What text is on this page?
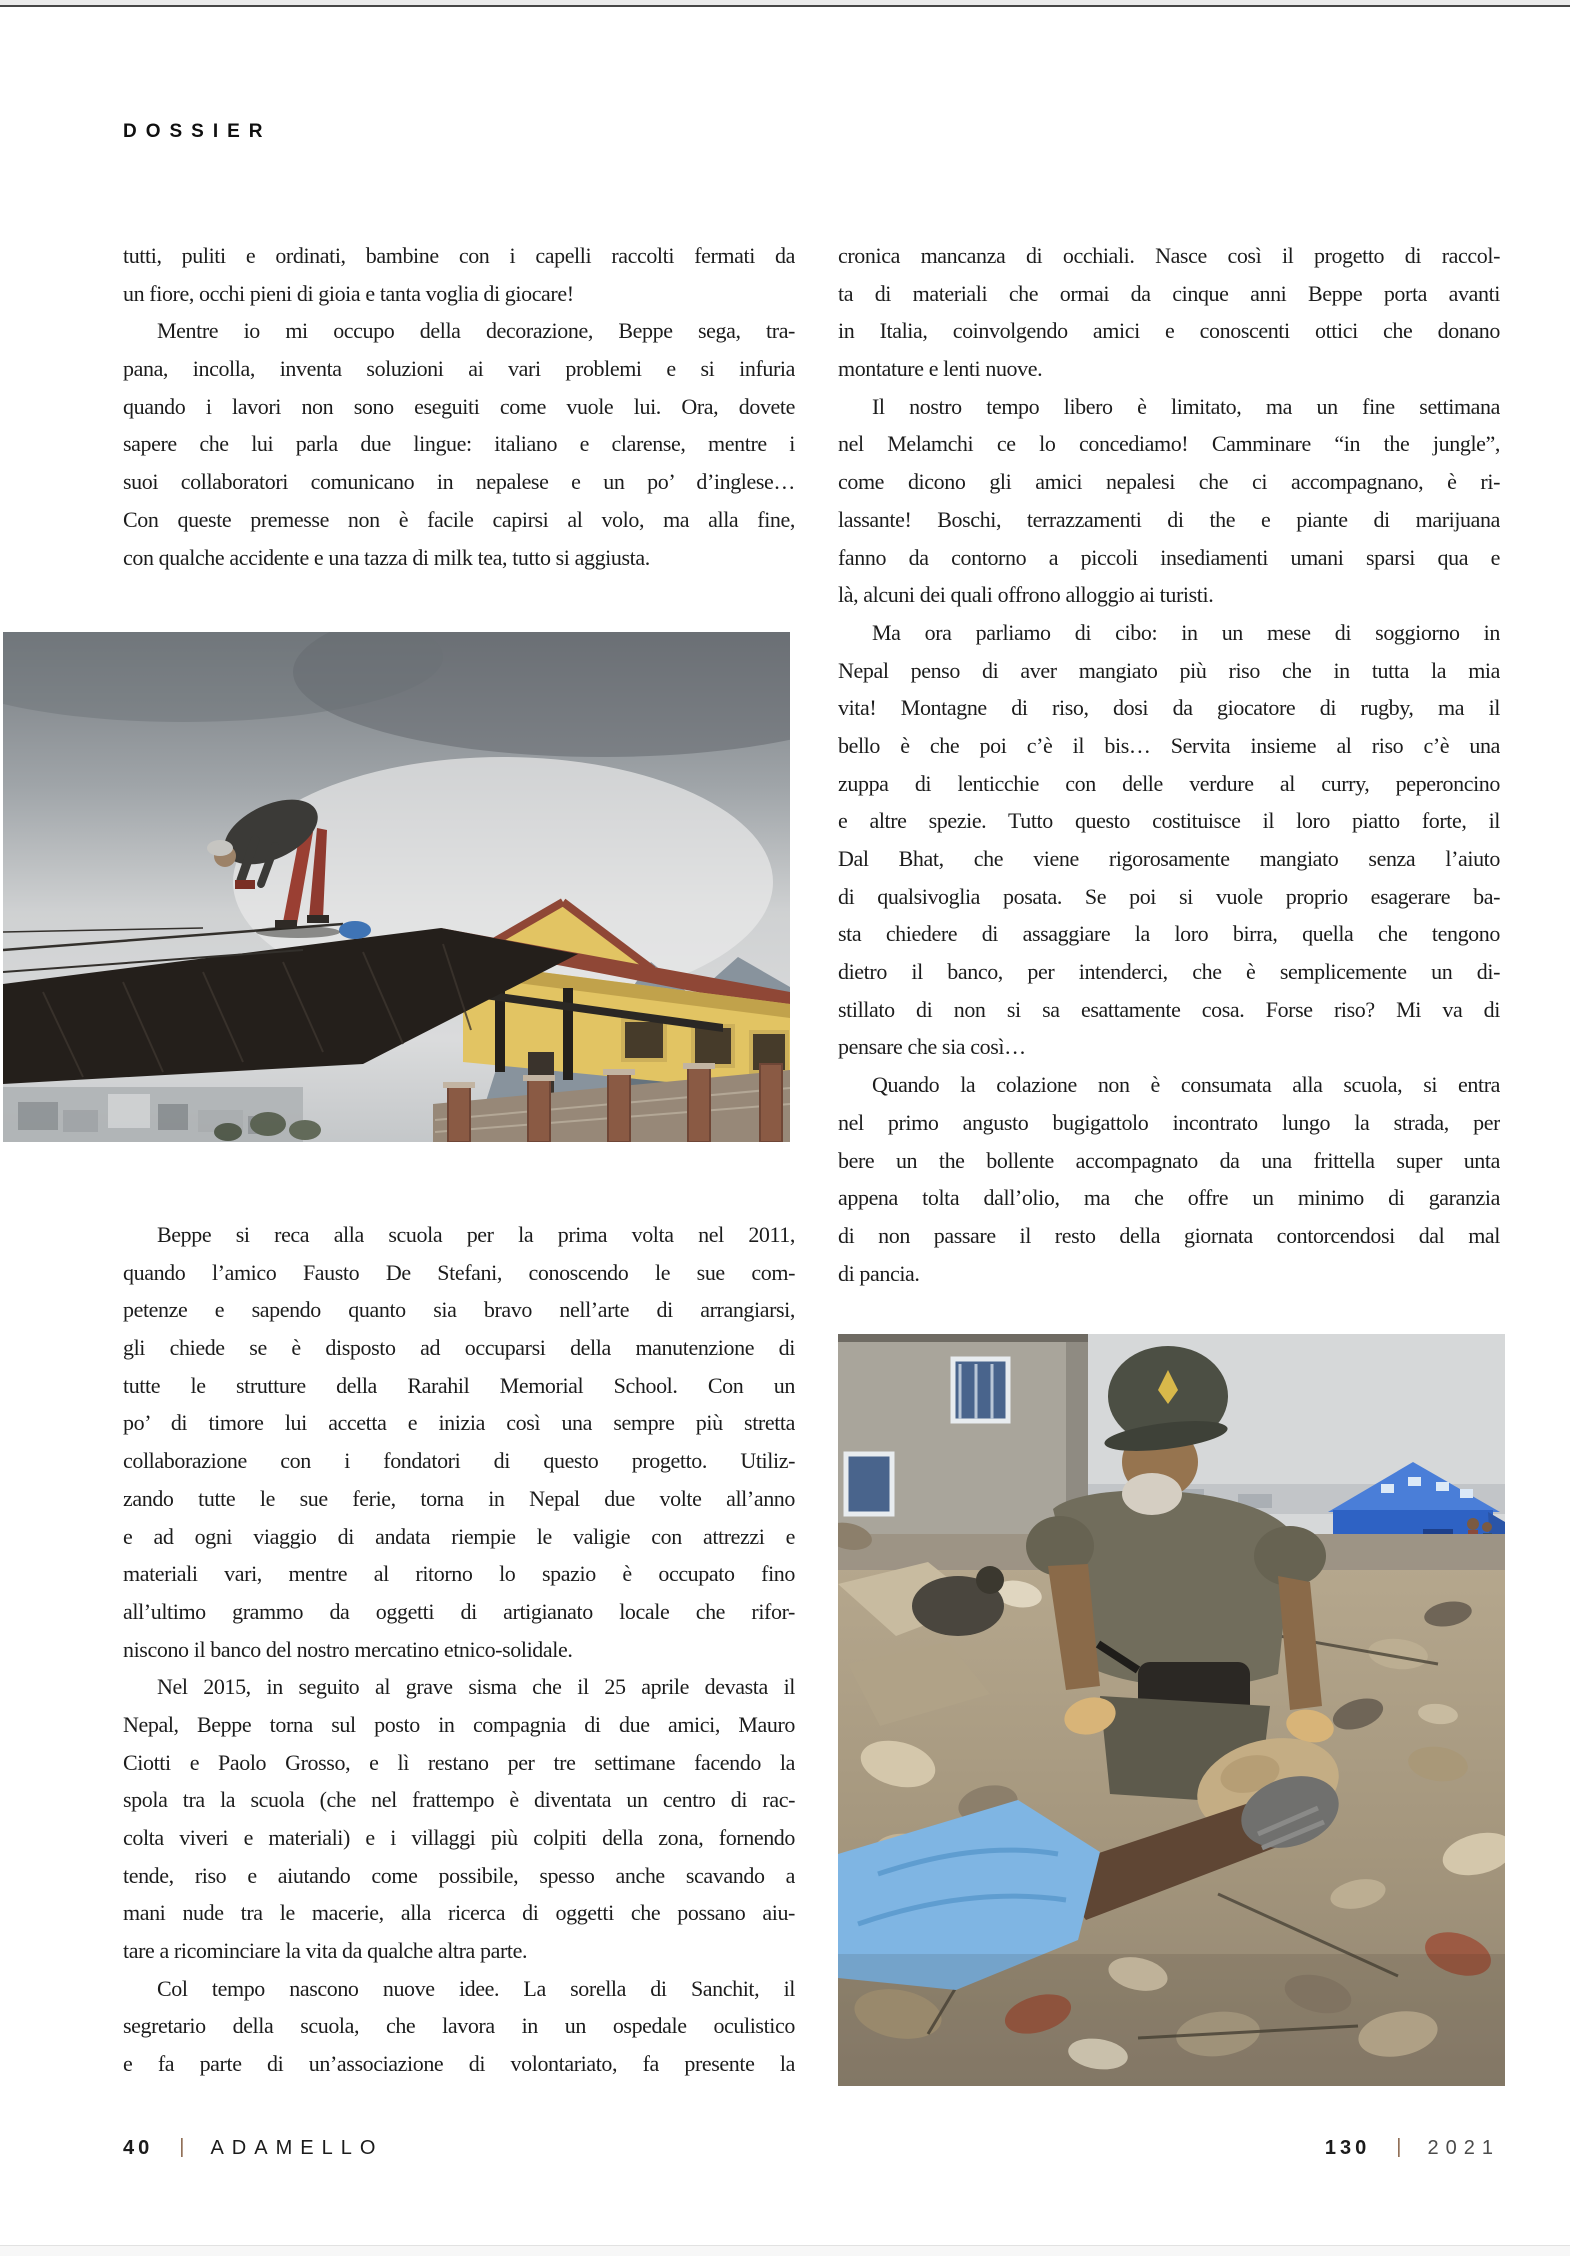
DOSSIER
tutti, puliti e ordinati, bambine con i capelli raccolti fermati da
un fiore, occhi pieni di gioia e tanta voglia di giocare!
Mentre io mi occupo della decorazione, Beppe sega, tra-
pana, incolla, inventa soluzioni ai vari problemi e si infuria
quando i lavori non sono eseguiti come vuole lui. Ora, dovete
sapere che lui parla due lingue: italiano e clarense, mentre i
suoi collaboratori comunicano in nepalese e un po’ d’inglese…
Con queste premesse non è facile capirsi al volo, ma alla fine,
con qualche accidente e una tazza di milk tea, tutto si aggiusta.
Beppe si reca alla scuola per la prima volta nel 2011,
quando l’amico Fausto De Stefani, conoscendo le sue com-
petenze e sapendo quanto sia bravo nell’arte di arrangiarsi,
gli chiede se è disposto ad occuparsi della manutenzione di
tutte le strutture della Rarahil Memorial School. Con un
po’ di timore lui accetta e inizia così una sempre più stretta
collaborazione con i fondatori di questo progetto. Utiliz-
zando tutte le sue ferie, torna in Nepal due volte all’anno
e ad ogni viaggio di andata riempie le valigie con attrezzi e
materiali vari, mentre al ritorno lo spazio è occupato fino
all’ultimo grammo da oggetti di artigianato locale che rifor-
niscono il banco del nostro mercatino etnico-solidale.
Nel 2015, in seguito al grave sisma che il 25 aprile devasta il
Nepal, Beppe torna sul posto in compagnia di due amici, Mauro
Ciotti e Paolo Grosso, e lì restano per tre settimane facendo la
spola tra la scuola (che nel frattempo è diventata un centro di rac-
colta viveri e materiali) e i villaggi più colpiti della zona, fornendo
tende, riso e aiutando come possibile, spesso anche scavando a
mani nude tra le macerie, alla ricerca di oggetti che possano aiu-
tare a ricominciare la vita da qualche altra parte.
Col tempo nascono nuove idee. La sorella di Sanchit, il
segretario della scuola, che lavora in un ospedale oculistico
e fa parte di un’associazione di volontariato, fa presente la
cronica mancanza di occhiali. Nasce così il progetto di raccol-
ta di materiali che ormai da cinque anni Beppe porta avanti
in Italia, coinvolgendo amici e conoscenti ottici che donano
montature e lenti nuove.
Il nostro tempo libero è limitato, ma un fine settimana
nel Melamchi ce lo concediamo! Camminare “in the jungle”,
come dicono gli amici nepalesi che ci accompagnano, è ri-
lassante! Boschi, terrazzamenti di the e piante di marijuana
fanno da contorno a piccoli insediamenti umani sparsi qua e
là, alcuni dei quali offrono alloggio ai turisti.
Ma ora parliamo di cibo: in un mese di soggiorno in
Nepal penso di aver mangiato più riso che in tutta la mia
vita! Montagne di riso, dosi da giocatore di rugby, ma il
bello è che poi c’è il bis… Servita insieme al riso c’è una
zuppa di lenticchie con delle verdure al curry, peperoncino
e altre spezie. Tutto questo costituisce il loro piatto forte, il
Dal Bhat, che viene rigorosamente mangiato senza l’aiuto
di qualsivoglia posata. Se poi si vuole proprio esagerare ba-
sta chiedere di assaggiare la loro birra, quella che tengono
dietro il banco, per intenderci, che è semplicemente un di-
stillato di non si sa esattamente cosa. Forse riso? Mi va di
pensare che sia così…
Quando la colazione non è consumata alla scuola, si entra
nel primo angusto bugigattolo incontrato lungo la strada, per
bere un the bollente accompagnato da una frittella super unta
appena tolta dall’olio, ma che offre un minimo di garanzia
di non passare il resto della giornata contorcendosi dal mal
di pancia.
40 | ADAMELLO	130 | 2021
